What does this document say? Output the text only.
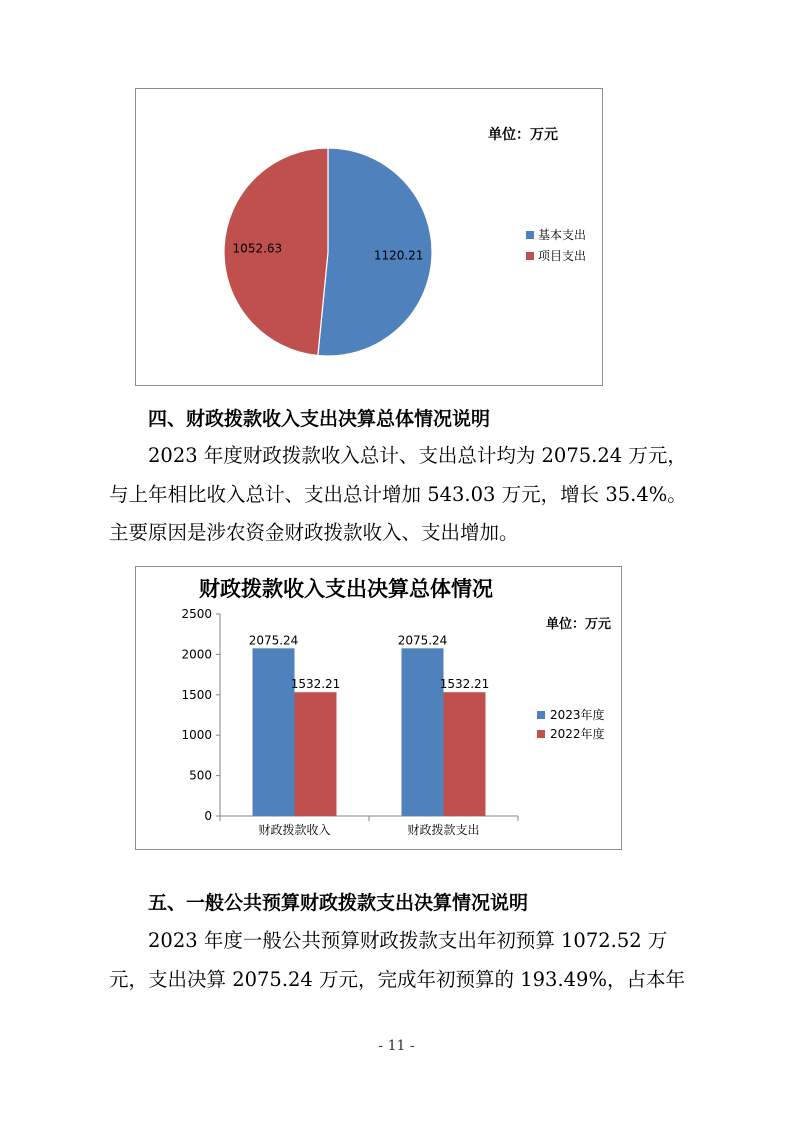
单位：万元
1120.21
1052.63
基本支出
项目支出
四、财政拨款收入支出决算总体情况说明
2023 年度财政拨款收入总计、支出总计均为 2075.24 万元，
与上年相比收入总计、支出总计增加 543.03 万元，增长 35.4%。
主要原因是涉农资金财政拨款收入、支出增加。
财政拨款收入支出决算总体情况
单位：万元
2500
2000
1500
1000
500
0
财政拨款收入
2075.24
1532.21
财政拨款支出
2075.24
1532.21
2023年度
2022年度
五、一般公共预算财政拨款支出决算情况说明
2023 年度一般公共预算财政拨款支出年初预算 1072.52 万
元，支出决算 2075.24 万元，完成年初预算的 193.49%，占本年
- 11 -
